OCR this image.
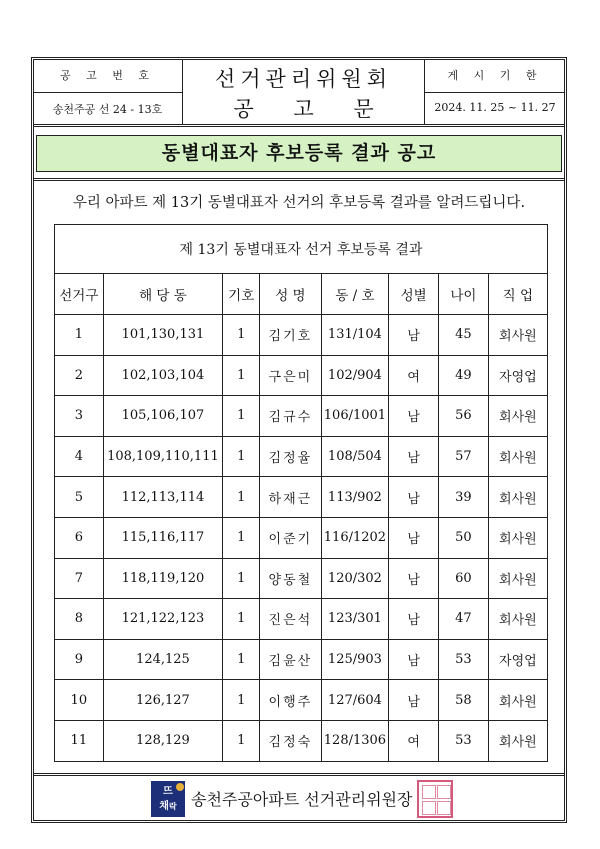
공 고 번 호
송천주공 선 24 - 13호
선거관리위원회
공 고 문
게 시 기 한
2024. 11. 25 ~ 11. 27
동별대표자 후보등록 결과 공고
우리 아파트 제 13기 동별대표자 선거의 후보등록 결과를 알려드립니다.
제 13기 동별대표자 선거 후보등록 결과							
선거구	해 당 동	기호	성 명	동 / 호	성별	나이	직 업
1	101,130,131	1	김기호	131/104	남	45	회사원
2	102,103,104	1	구은미	102/904	여	49	자영업
3	105,106,107	1	김규수	106/1001	남	56	회사원
4	108,109,110,111	1	김정율	108/504	남	57	회사원
5	112,113,114	1	하재근	113/902	남	39	회사원
6	115,116,117	1	이준기	116/1202	남	50	회사원
7	118,119,120	1	양동철	120/302	남	60	회사원
8	121,122,123	1	진은석	123/301	남	47	회사원
9	124,125	1	김윤산	125/903	남	53	자영업
10	126,127	1	이행주	127/604	남	58	회사원
11	128,129	1	김정숙	128/1306	여	53	회사원
뜨
채락 송천주공아파트 선거관리위원장
